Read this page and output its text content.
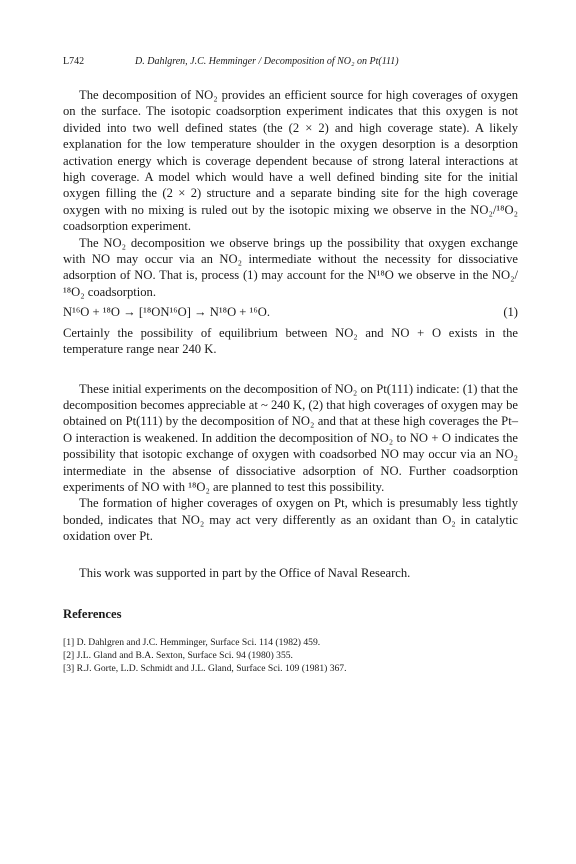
L742	D. Dahlgren, J.C. Hemminger / Decomposition of NO₂ on Pt(111)

The decomposition of NO₂ provides an efficient source for high coverages of oxygen on the surface. The isotopic coadsorption experiment indicates that this oxygen is not divided into two well defined states (the (2 × 2) and high coverage state). A likely explanation for the low temperature shoulder in the oxygen desorption is a desorption activation energy which is coverage dependent because of strong lateral interactions at high coverage. A model which would have a well defined binding site for the initial oxygen filling the (2 × 2) structure and a separate binding site for the high coverage oxygen with no mixing is ruled out by the isotopic mixing we observe in the NO₂/¹⁸O₂ coadsorption experiment.

The NO₂ decomposition we observe brings up the possibility that oxygen exchange with NO may occur via an NO₂ intermediate without the necessity for dissociative adsorption of NO. That is, process (1) may account for the N¹⁸O we observe in the NO₂/¹⁸O₂ coadsorption.

N¹⁶O + ¹⁸O → [¹⁸ON¹⁶O] → N¹⁸O + ¹⁶O.	(1)

Certainly the possibility of equilibrium between NO₂ and NO + O exists in the temperature range near 240 K.

These initial experiments on the decomposition of NO₂ on Pt(111) indicate: (1) that the decomposition becomes appreciable at ~ 240 K, (2) that high coverages of oxygen may be obtained on Pt(111) by the decomposition of NO₂ and that at these high coverages the Pt–O interaction is weakened. In addition the decomposition of NO₂ to NO + O indicates the possibility that isotopic exchange of oxygen with coadsorbed NO may occur via an NO₂ intermediate in the absense of dissociative adsorption of NO. Further coadsorption experiments of NO with ¹⁸O₂ are planned to test this possibility.

The formation of higher coverages of oxygen on Pt, which is presumably less tightly bonded, indicates that NO₂ may act very differently as an oxidant than O₂ in catalytic oxidation over Pt.

This work was supported in part by the Office of Naval Research.

References
[1] D. Dahlgren and J.C. Hemminger, Surface Sci. 114 (1982) 459.
[2] J.L. Gland and B.A. Sexton, Surface Sci. 94 (1980) 355.
[3] R.J. Gorte, L.D. Schmidt and J.L. Gland, Surface Sci. 109 (1981) 367.
